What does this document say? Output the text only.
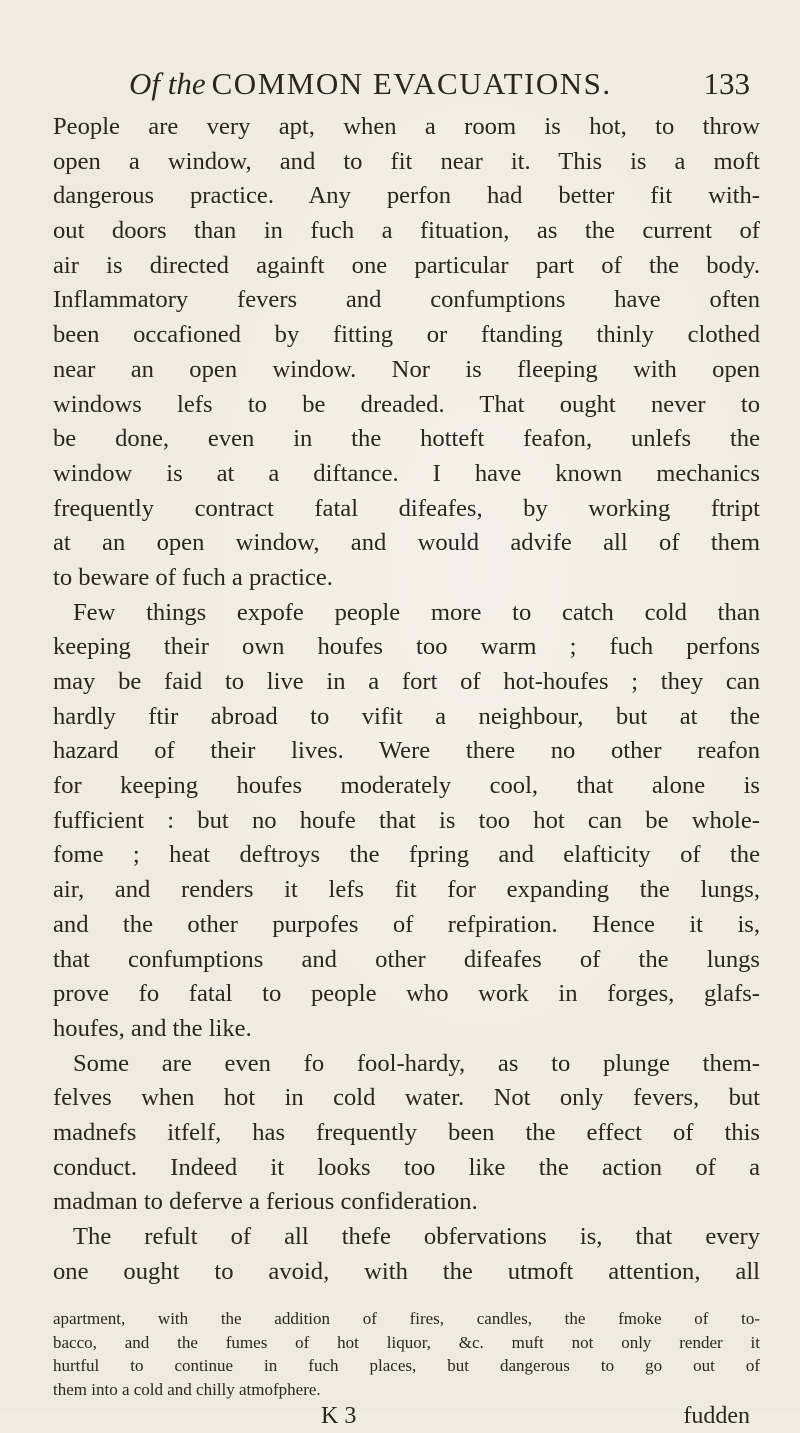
Of the COMMON EVACUATIONS.	133
People are very apt, when a room is hot, to throw
open a window, and to fit near it. This is a moft
dangerous practice. Any perfon had better fit with-
out doors than in fuch a fituation, as the current of
air is directed againft one particular part of the body.
Inflammatory fevers and confumptions have often
been occafioned by fitting or ftanding thinly clothed
near an open window. Nor is fleeping with open
windows lefs to be dreaded. That ought never to
be done, even in the hotteft feafon, unlefs the
window is at a diftance. I have known mechanics
frequently contract fatal difeafes, by working ftript
at an open window, and would advife all of them
to beware of fuch a practice.
Few things expofe people more to catch cold than
keeping their own houfes too warm ; fuch perfons
may be faid to live in a fort of hot-houfes ; they can
hardly ftir abroad to vifit a neighbour, but at the
hazard of their lives. Were there no other reafon
for keeping houfes moderately cool, that alone is
fufficient : but no houfe that is too hot can be whole-
fome ; heat deftroys the fpring and elafticity of the
air, and renders it lefs fit for expanding the lungs,
and the other purpofes of refpiration. Hence it is,
that confumptions and other difeafes of the lungs
prove fo fatal to people who work in forges, glafs-
houfes, and the like.
Some are even fo fool-hardy, as to plunge them-
felves when hot in cold water. Not only fevers, but
madnefs itfelf, has frequently been the effect of this
conduct. Indeed it looks too like the action of a
madman to deferve a ferious confideration.
The refult of all thefe obfervations is, that every
one ought to avoid, with the utmoft attention, all
apartment, with the addition of fires, candles, the fmoke of to-
bacco, and the fumes of hot liquor, &c. muft not only render it
hurtful to continue in fuch places, but dangerous to go out of
them into a cold and chilly atmofphere.
K 3	fudden
